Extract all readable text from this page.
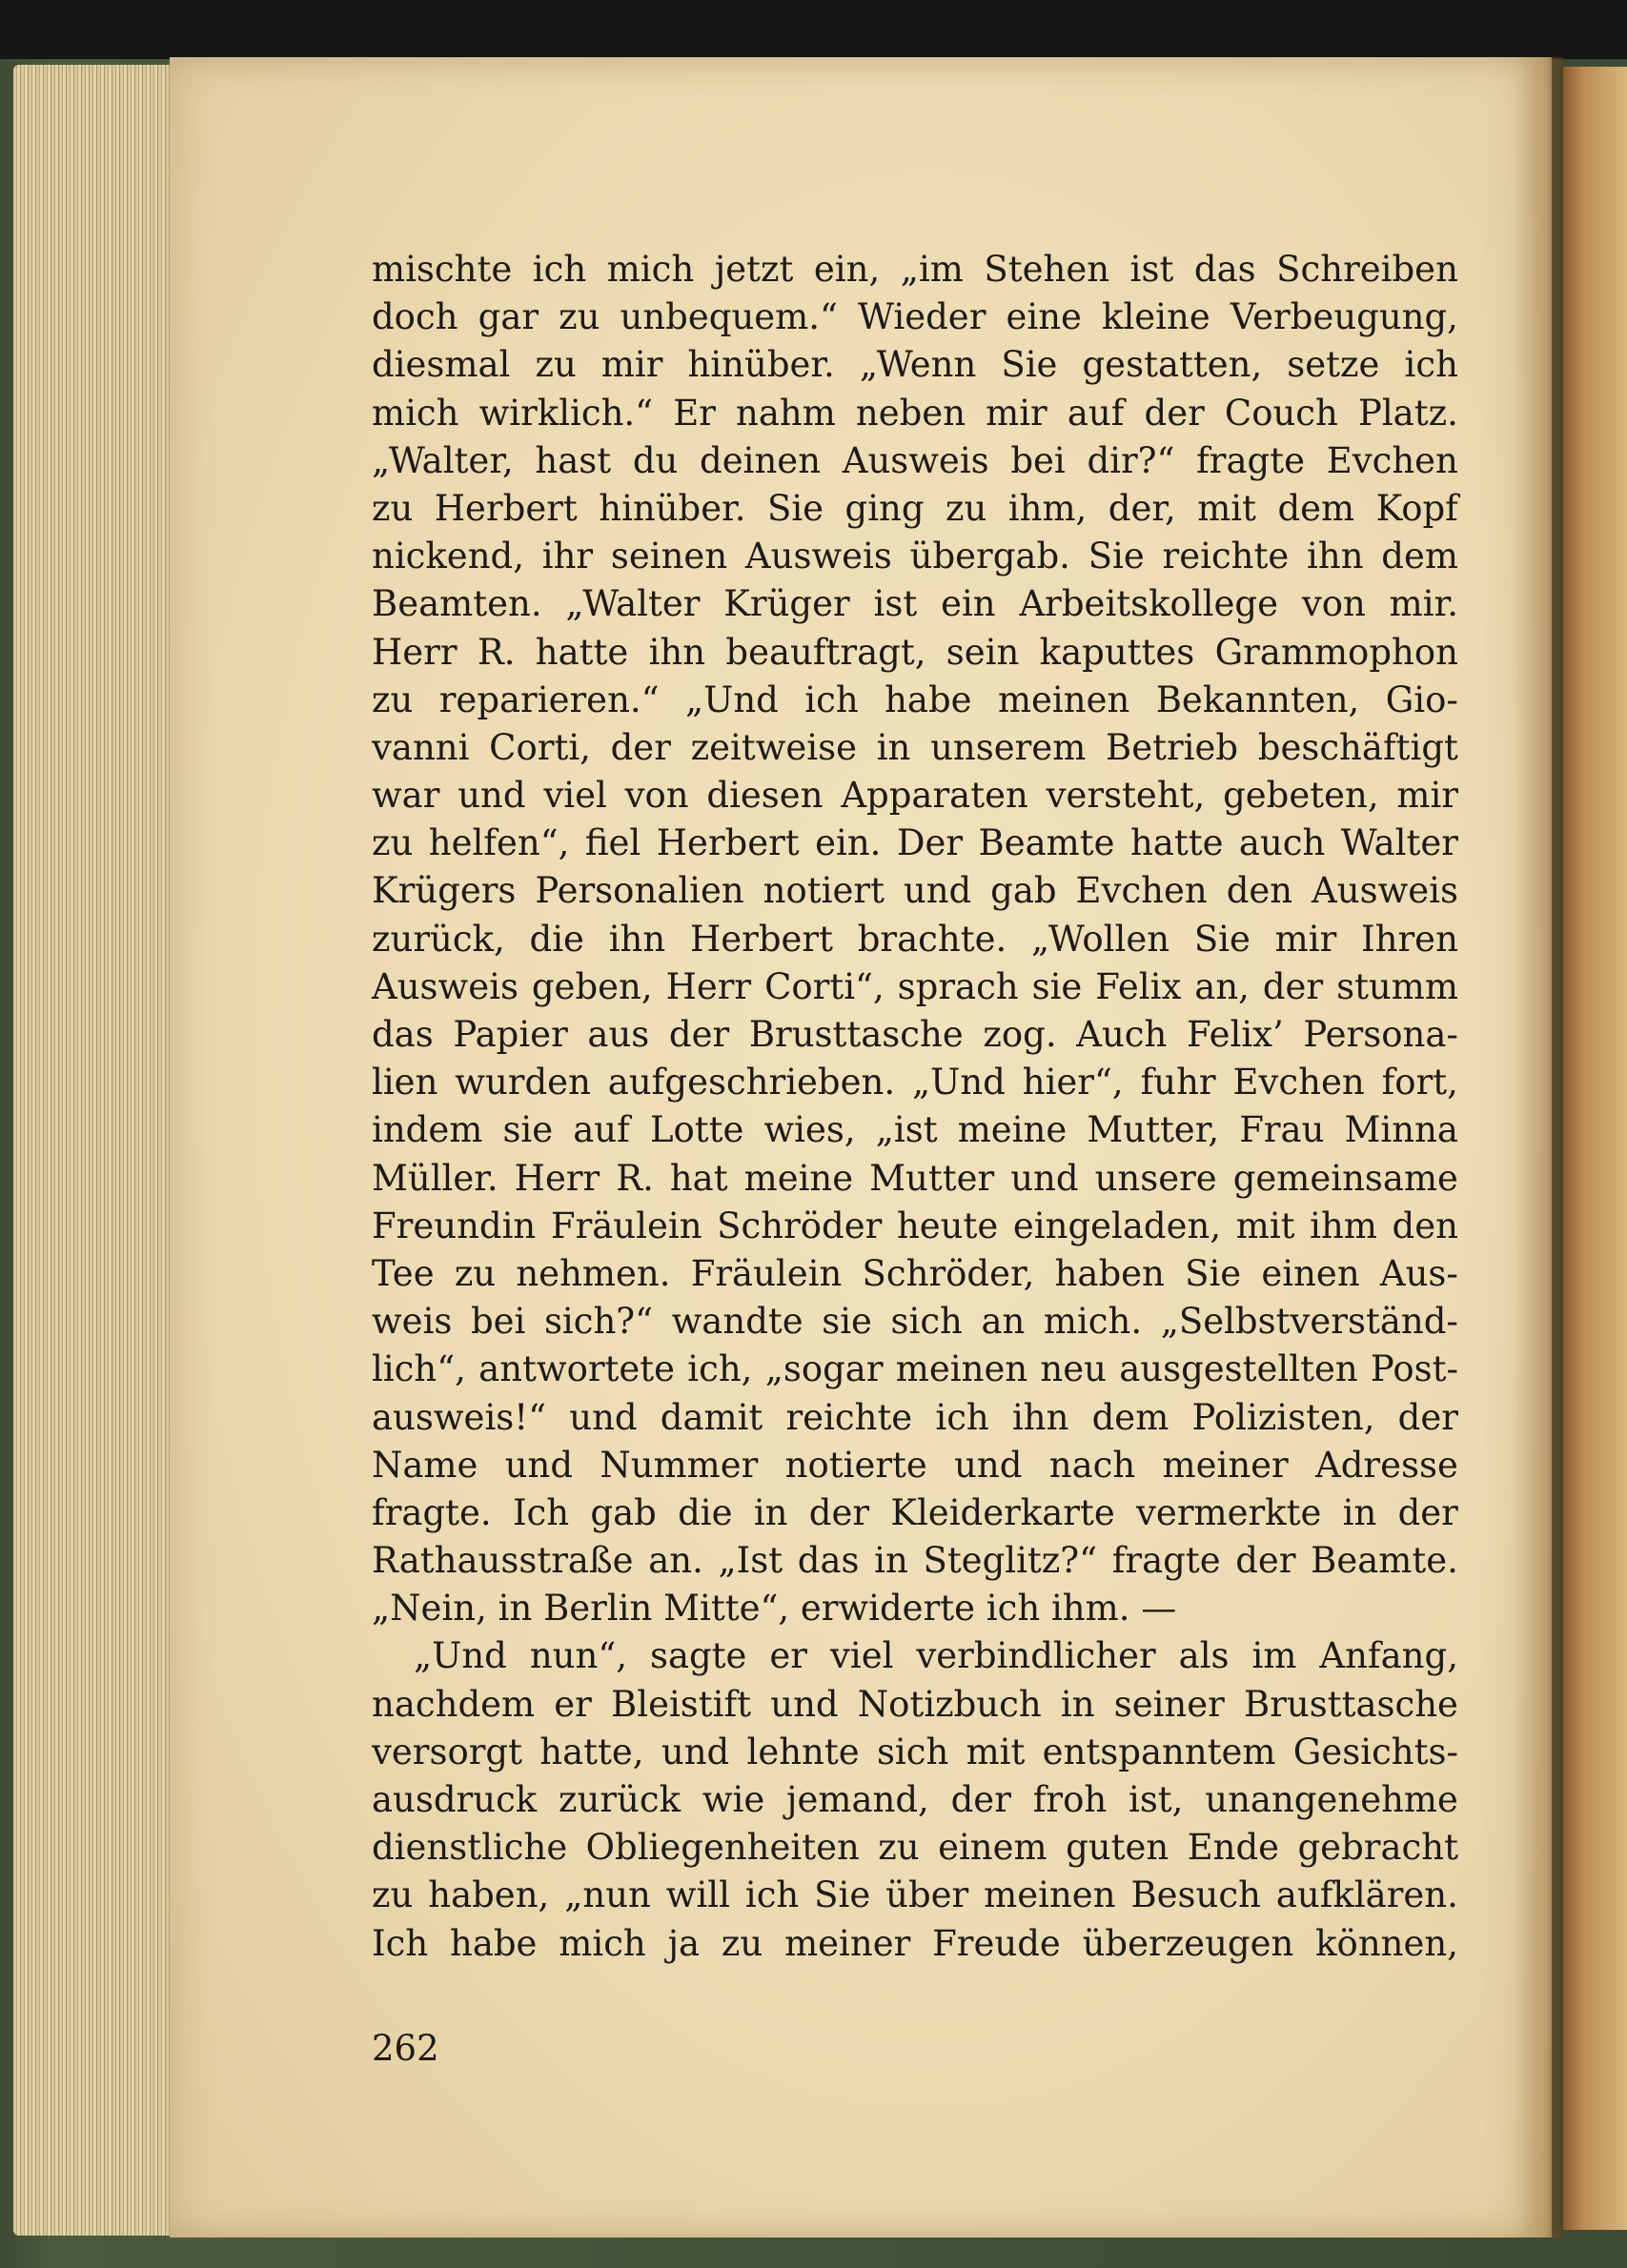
mischte ich mich jetzt ein, „im Stehen ist das Schreiben
doch gar zu unbequem.“ Wieder eine kleine Verbeugung,
diesmal zu mir hinüber. „Wenn Sie gestatten, setze ich
mich wirklich.“ Er nahm neben mir auf der Couch Platz.
„Walter, hast du deinen Ausweis bei dir?“ fragte Evchen
zu Herbert hinüber. Sie ging zu ihm, der, mit dem Kopf
nickend, ihr seinen Ausweis übergab. Sie reichte ihn dem
Beamten. „Walter Krüger ist ein Arbeitskollege von mir.
Herr R. hatte ihn beauftragt, sein kaputtes Grammophon
zu reparieren.“ „Und ich habe meinen Bekannten, Gio-
vanni Corti, der zeitweise in unserem Betrieb beschäftigt
war und viel von diesen Apparaten versteht, gebeten, mir
zu helfen“, fiel Herbert ein. Der Beamte hatte auch Walter
Krügers Personalien notiert und gab Evchen den Ausweis
zurück, die ihn Herbert brachte. „Wollen Sie mir Ihren
Ausweis geben, Herr Corti“, sprach sie Felix an, der stumm
das Papier aus der Brusttasche zog. Auch Felix’ Persona-
lien wurden aufgeschrieben. „Und hier“, fuhr Evchen fort,
indem sie auf Lotte wies, „ist meine Mutter, Frau Minna
Müller. Herr R. hat meine Mutter und unsere gemeinsame
Freundin Fräulein Schröder heute eingeladen, mit ihm den
Tee zu nehmen. Fräulein Schröder, haben Sie einen Aus-
weis bei sich?“ wandte sie sich an mich. „Selbstverständ-
lich“, antwortete ich, „sogar meinen neu ausgestellten Post-
ausweis!“ und damit reichte ich ihn dem Polizisten, der
Name und Nummer notierte und nach meiner Adresse
fragte. Ich gab die in der Kleiderkarte vermerkte in der
Rathausstraße an. „Ist das in Steglitz?“ fragte der Beamte.
„Nein, in Berlin Mitte“, erwiderte ich ihm. —
„Und nun“, sagte er viel verbindlicher als im Anfang,
nachdem er Bleistift und Notizbuch in seiner Brusttasche
versorgt hatte, und lehnte sich mit entspanntem Gesichts-
ausdruck zurück wie jemand, der froh ist, unangenehme
dienstliche Obliegenheiten zu einem guten Ende gebracht
zu haben, „nun will ich Sie über meinen Besuch aufklären.
Ich habe mich ja zu meiner Freude überzeugen können,
262
